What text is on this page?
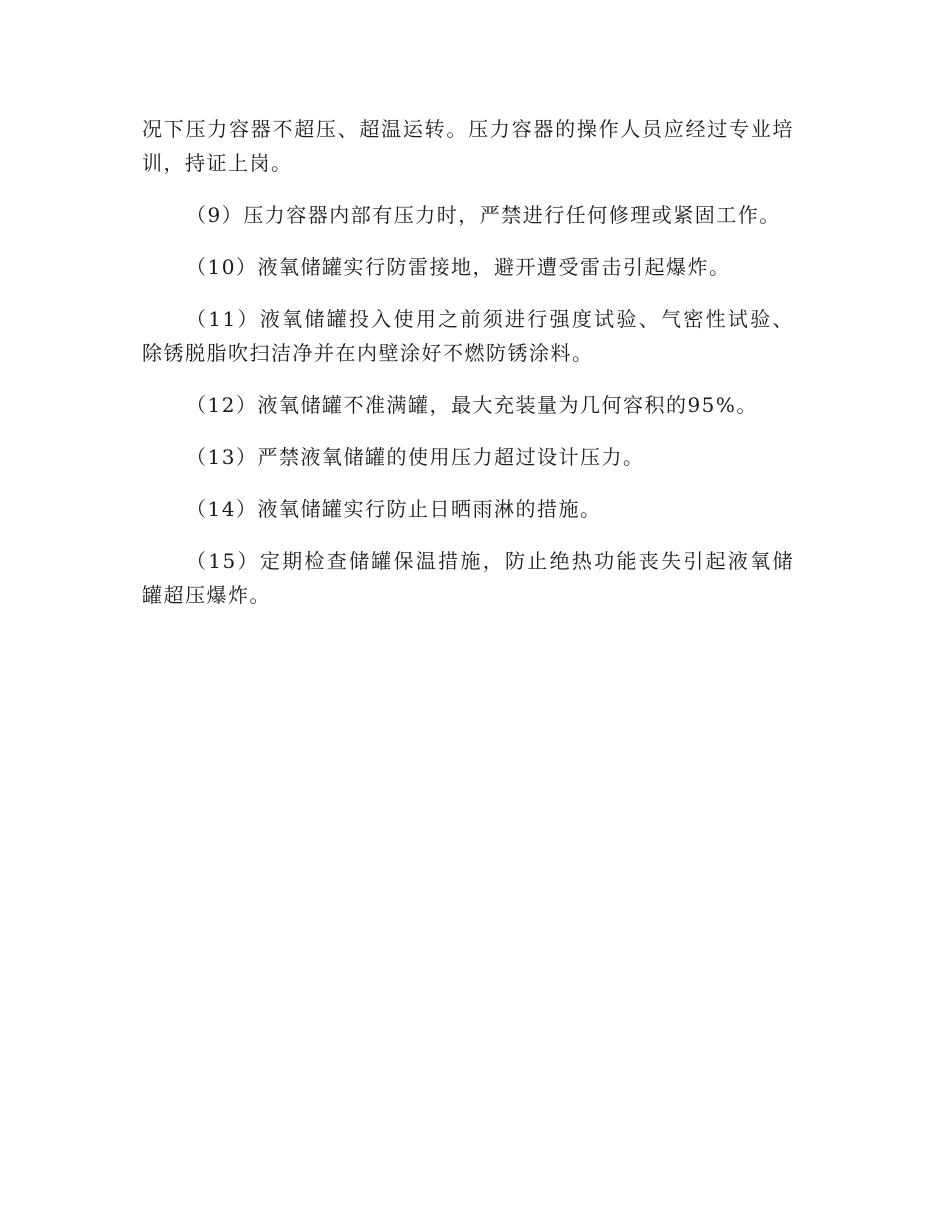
况下压力容器不超压、超温运转。压力容器的操作人员应经过专业培训，持证上岗。

（9）压力容器内部有压力时，严禁进行任何修理或紧固工作。

（10）液氧储罐实行防雷接地，避开遭受雷击引起爆炸。

（11）液氧储罐投入使用之前须进行强度试验、气密性试验、除锈脱脂吹扫洁净并在内壁涂好不燃防锈涂料。

（12）液氧储罐不准满罐，最大充装量为几何容积的95%。

（13）严禁液氧储罐的使用压力超过设计压力。

（14）液氧储罐实行防止日晒雨淋的措施。

（15）定期检查储罐保温措施，防止绝热功能丧失引起液氧储罐超压爆炸。
